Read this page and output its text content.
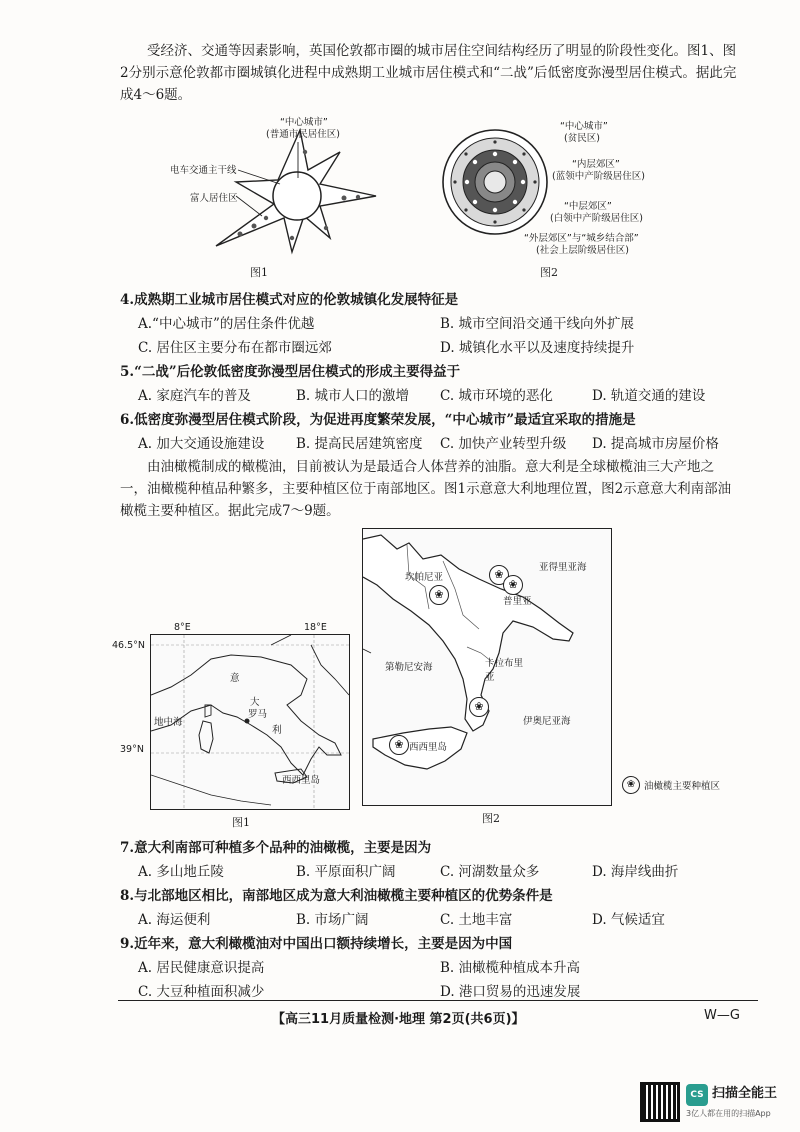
受经济、交通等因素影响，英国伦敦都市圈的城市居住空间结构经历了明显的阶段性变化。图1、图2分别示意伦敦都市圈城镇化进程中成熟期工业城市居住模式和“二战”后低密度弥漫型居住模式。据此完成4～6题。
“中心城市”
(普通市民居住区)
电车交通主干线
富人居住区
图1
“中心城市”
(贫民区)
“内层郊区”
(蓝领中产阶级居住区)
“中层郊区”
(白领中产阶级居住区)
“外层郊区”与“城乡结合部”
(社会上层阶级居住区)
图2
4.成熟期工业城市居住模式对应的伦敦城镇化发展特征是
A.“中心城市”的居住条件优越	B. 城市空间沿交通干线向外扩展
C. 居住区主要分布在都市圈远郊	D. 城镇化水平以及速度持续提升
5.“二战”后伦敦低密度弥漫型居住模式的形成主要得益于
A. 家庭汽车的普及	B. 城市人口的激增 C. 城市环境的恶化	D. 轨道交通的建设
6.低密度弥漫型居住模式阶段，为促进再度繁荣发展，“中心城市”最适宜采取的措施是
A. 加大交通设施建设 B. 提高民居建筑密度 C. 加快产业转型升级 D. 提高城市房屋价格
由油橄榄制成的橄榄油，目前被认为是最适合人体营养的油脂。意大利是全球橄榄油三大产地之一，油橄榄种植品种繁多，主要种植区位于南部地区。图1示意意大利地理位置，图2示意意大利南部油橄榄主要种植区。据此完成7～9题。
8°E	18°E
46.5°N
39°N
意
大
罗马
利
地中海
西西里岛
图1
❀
❀
❀
❀
❀
坎帕尼亚
普里亚
亚得里亚海
第勒尼安海	卡拉布里亚
伊奥尼亚海
西西里岛
❀ 油橄榄主要种植区
图2
7.意大利南部可种植多个品种的油橄榄，主要是因为
A. 多山地丘陵	B. 平原面积广阔	C. 河湖数量众多	D. 海岸线曲折
8.与北部地区相比，南部地区成为意大利油橄榄主要种植区的优势条件是
A. 海运便利	B. 市场广阔	C. 土地丰富	D. 气候适宜
9.近年来，意大利橄榄油对中国出口额持续增长，主要是因为中国
A. 居民健康意识提高	B. 油橄榄种植成本升高
C. 大豆种植面积减少	D. 港口贸易的迅速发展
【高三11月质量检测·地理 第2页(共6页)】	W—G
CS 扫描全能王
3亿人都在用的扫描App
